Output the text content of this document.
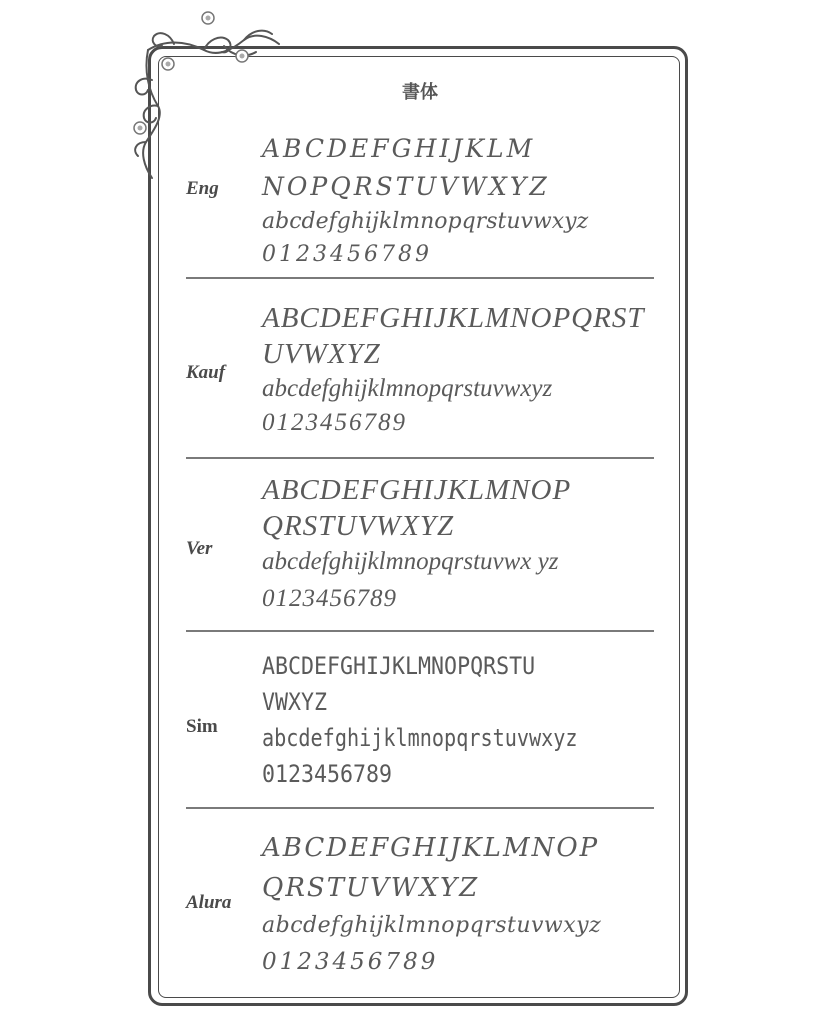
書体
Eng
ABCDEFGHIJKLM
NOPQRSTUVWXYZ
abcdefghijklmnopqrstuvwxyz
0123456789
Kauf
ABCDEFGHIJKLMNOPQRST
UVWXYZ
abcdefghijklmnopqrstuvwxyz
0123456789
Ver
ABCDEFGHIJKLMNOP
QRSTUVWXYZ
abcdefghijklmnopqrstuvwx yz
0123456789
Sim
ABCDEFGHIJKLMNOPQRSTU
VWXYZ
abcdefghijklmnopqrstuvwxyz
0123456789
Alura
ABCDEFGHIJKLMNOP
QRSTUVWXYZ
abcdefghijklmnopqrstuvwxyz
0123456789
